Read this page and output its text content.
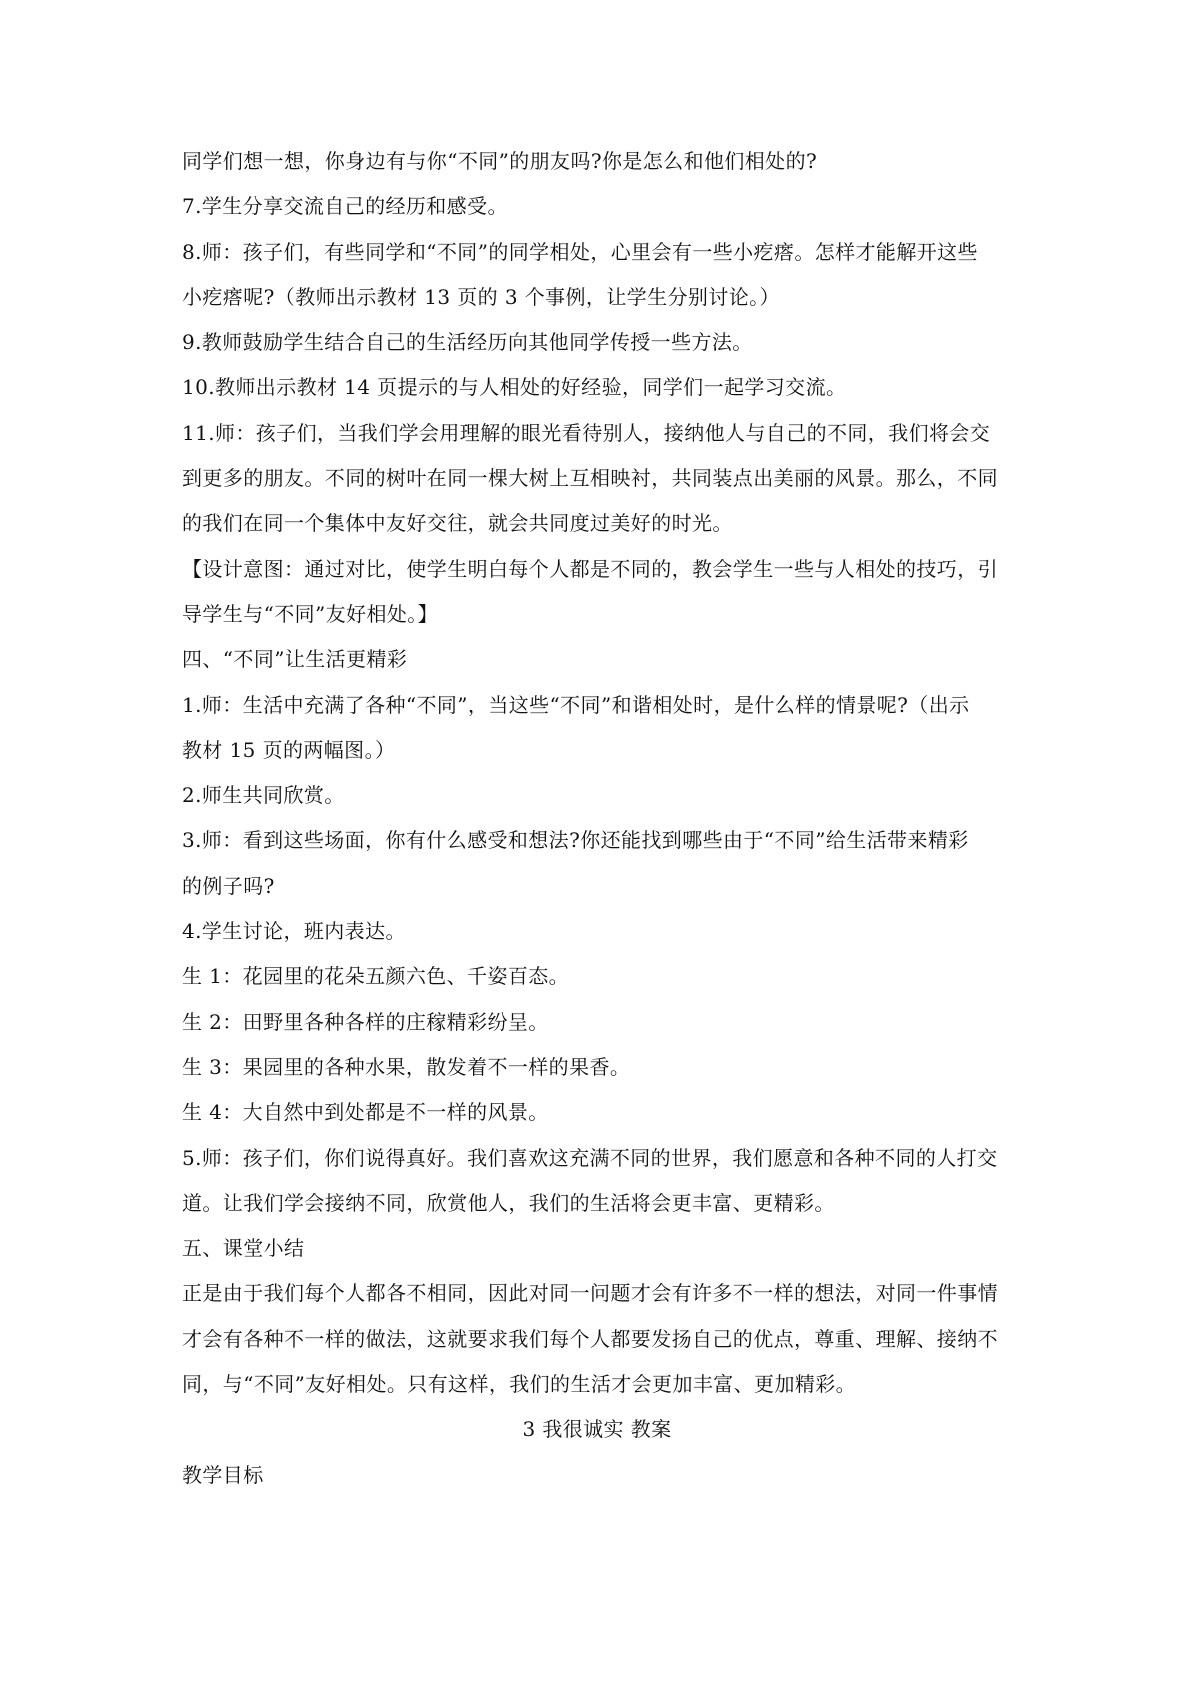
同学们想一想，你身边有与你“不同”的朋友吗?你是怎么和他们相处的?
7.学生分享交流自己的经历和感受。
8.师：孩子们，有些同学和“不同”的同学相处，心里会有一些小疙瘩。怎样才能解开这些
小疙瘩呢?（教师出示教材 13 页的 3 个事例，让学生分别讨论。）
9.教师鼓励学生结合自己的生活经历向其他同学传授一些方法。
10.教师出示教材 14 页提示的与人相处的好经验，同学们一起学习交流。
11.师：孩子们，当我们学会用理解的眼光看待别人，接纳他人与自己的不同，我们将会交
到更多的朋友。不同的树叶在同一棵大树上互相映衬，共同装点出美丽的风景。那么，不同
的我们在同一个集体中友好交往，就会共同度过美好的时光。
【设计意图：通过对比，使学生明白每个人都是不同的，教会学生一些与人相处的技巧，引
导学生与“不同”友好相处。】
四、“不同”让生活更精彩
1.师：生活中充满了各种“不同”，当这些“不同”和谐相处时，是什么样的情景呢?（出示
教材 15 页的两幅图。）
2.师生共同欣赏。
3.师：看到这些场面，你有什么感受和想法?你还能找到哪些由于“不同”给生活带来精彩
的例子吗?
4.学生讨论，班内表达。
生 1：花园里的花朵五颜六色、千姿百态。
生 2：田野里各种各样的庄稼精彩纷呈。
生 3：果园里的各种水果，散发着不一样的果香。
生 4：大自然中到处都是不一样的风景。
5.师：孩子们，你们说得真好。我们喜欢这充满不同的世界，我们愿意和各种不同的人打交
道。让我们学会接纳不同，欣赏他人，我们的生活将会更丰富、更精彩。
五、课堂小结
正是由于我们每个人都各不相同，因此对同一问题才会有许多不一样的想法，对同一件事情
才会有各种不一样的做法，这就要求我们每个人都要发扬自己的优点，尊重、理解、接纳不
同，与“不同”友好相处。只有这样，我们的生活才会更加丰富、更加精彩。
3 我很诚实 教案
教学目标
